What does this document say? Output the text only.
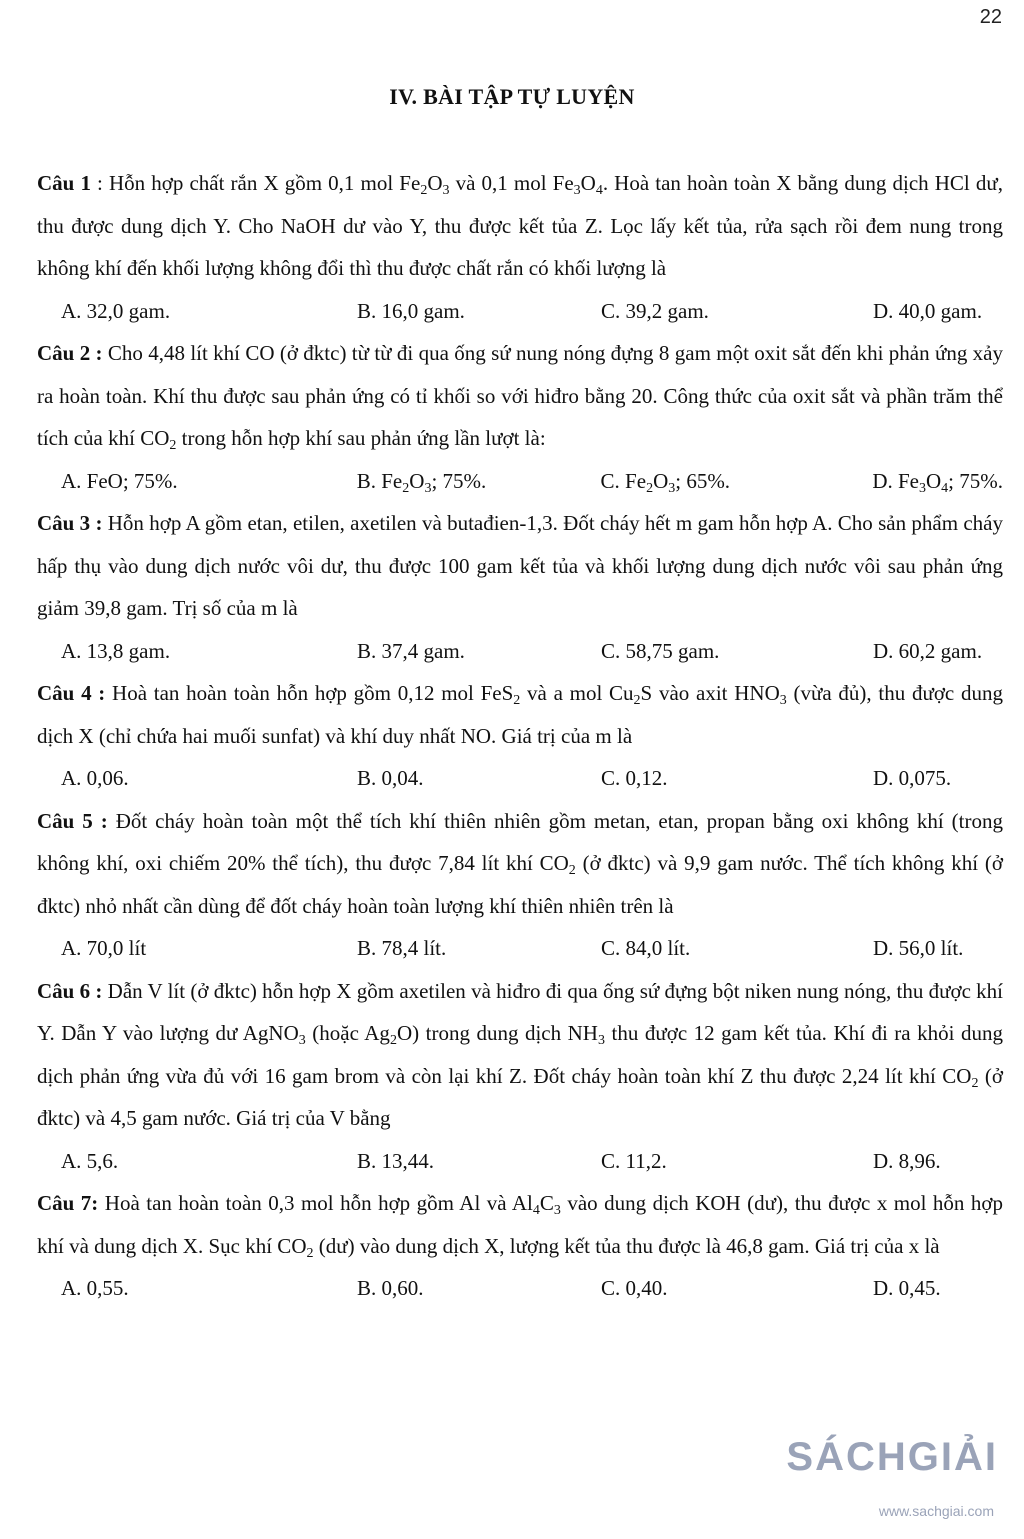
22
IV. BÀI TẬP TỰ LUYỆN

Câu 1 : Hỗn hợp chất rắn X gồm 0,1 mol $Fe_2O_3$ và 0,1 mol $Fe_3O_4$. Hoà tan hoàn toàn X bằng dung dịch HCl dư, thu được dung dịch Y. Cho NaOH dư vào Y, thu được kết tủa Z. Lọc lấy kết tủa, rửa sạch rồi đem nung trong không khí đến khối lượng không đổi thì thu được chất rắn có khối lượng là

A. 32,0 gam.	B. 16,0 gam.	C. 39,2 gam.	D. 40,0 gam.

Câu 2 : Cho 4,48 lít khí CO (ở đktc) từ từ đi qua ống sứ nung nóng đựng 8 gam một oxit sắt đến khi phản ứng xảy ra hoàn toàn. Khí thu được sau phản ứng có tỉ khối so với hiđro bằng 20. Công thức của oxit sắt và phần trăm thể tích của khí $CO_2$ trong hỗn hợp khí sau phản ứng lần lượt là:

A. FeO; 75%.	B. $Fe_2O_3$; 75%.	C. $Fe_2O_3$; 65%.	D. $Fe_3O_4$; 75%.

Câu 3 : Hỗn hợp A gồm etan, etilen, axetilen và butađien-1,3. Đốt cháy hết m gam hỗn hợp A. Cho sản phẩm cháy hấp thụ vào dung dịch nước vôi dư, thu được 100 gam kết tủa và khối lượng dung dịch nước vôi sau phản ứng giảm 39,8 gam. Trị số của m là

A. 13,8 gam.	B. 37,4 gam.	C. 58,75 gam.	D. 60,2 gam.

Câu 4 : Hoà tan hoàn toàn hỗn hợp gồm 0,12 mol FeS$_2$ và a mol $Cu_2S$ vào axit $HNO_3$ (vừa đủ), thu được dung dịch X (chỉ chứa hai muối sunfat) và khí duy nhất NO. Giá trị của m là

A. 0,06.	B. 0,04.	C. 0,12.	D. 0,075.

Câu 5 : Đốt cháy hoàn toàn một thể tích khí thiên nhiên gồm metan, etan, propan bằng oxi không khí (trong không khí, oxi chiếm 20% thể tích), thu được 7,84 lít khí $CO_2$ (ở đktc) và 9,9 gam nước. Thể tích không khí (ở đktc) nhỏ nhất cần dùng để đốt cháy hoàn toàn lượng khí thiên nhiên trên là

A. 70,0 lít	B. 78,4 lít.	C. 84,0 lít.	D. 56,0 lít.

Câu 6 : Dẫn V lít (ở đktc) hỗn hợp X gồm axetilen và hiđro đi qua ống sứ đựng bột niken nung nóng, thu được khí Y. Dẫn Y vào lượng dư AgNO$_3$ (hoặc $Ag_2O$) trong dung dịch $NH_3$ thu được 12 gam kết tủa. Khí đi ra khỏi dung dịch phản ứng vừa đủ với 16 gam brom và còn lại khí Z. Đốt cháy hoàn toàn khí Z thu được 2,24 lít khí $CO_2$ (ở đktc) và 4,5 gam nước. Giá trị của V bằng

A. 5,6.	B. 13,44.	C. 11,2.	D. 8,96.

Câu 7: Hoà tan hoàn toàn 0,3 mol hỗn hợp gồm Al và $Al_4C_3$ vào dung dịch KOH (dư), thu được x mol hỗn hợp khí và dung dịch X. Sục khí $CO_2$ (dư) vào dung dịch X, lượng kết tủa thu được là 46,8 gam. Giá trị của x là

A. 0,55.	B. 0,60.	C. 0,40.	D. 0,45.
SÁCHGIẢI
www.sachgiai.com
